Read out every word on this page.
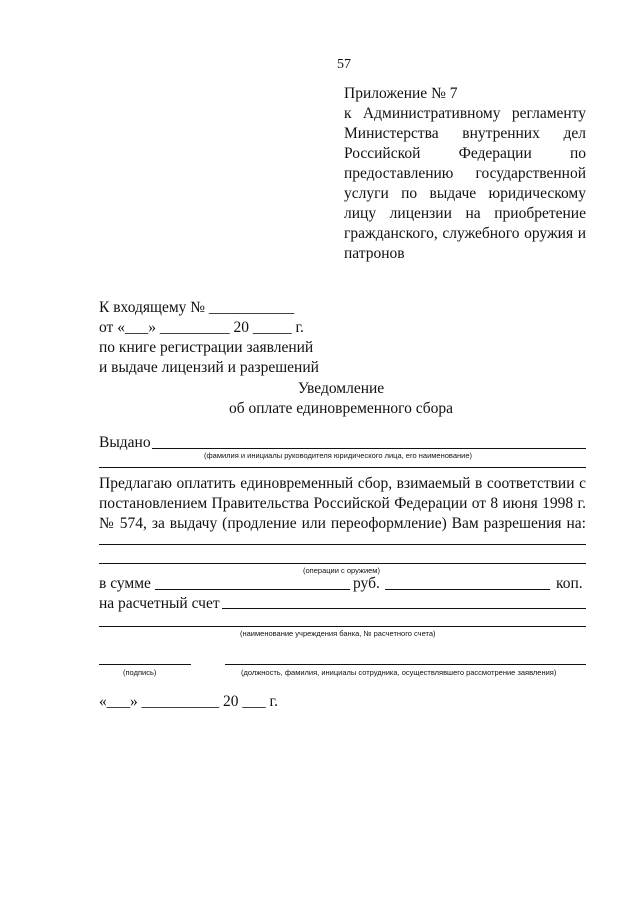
57
Приложение № 7
к Административному регламенту
Министерства внутренних дел
Российской Федерации по
предоставлению государственной
услуги по выдаче юридическому
лицу лицензии на приобретение
гражданского, служебного оружия и
патронов
К входящему № ___________
от «___» _________ 20 _____ г.
по книге регистрации заявлений
и выдаче лицензий и разрешений
Уведомление
об оплате единовременного сбора
Выдано
(фамилия и инициалы руководителя юридического лица, его наименование)
Предлагаю оплатить единовременный сбор, взимаемый в соответствии с
постановлением Правительства Российской Федерации от 8 июня 1998 г.
№ 574, за выдачу (продление или переоформление) Вам разрешения на:
(операции с оружием)
в сумме	руб.	коп.
на расчетный счет
(наименование учреждения банка, № расчетного счета)
(подпись)	(должность, фамилия, инициалы сотрудника, осуществлявшего рассмотрение заявления)
«___» __________ 20 ___ г.
